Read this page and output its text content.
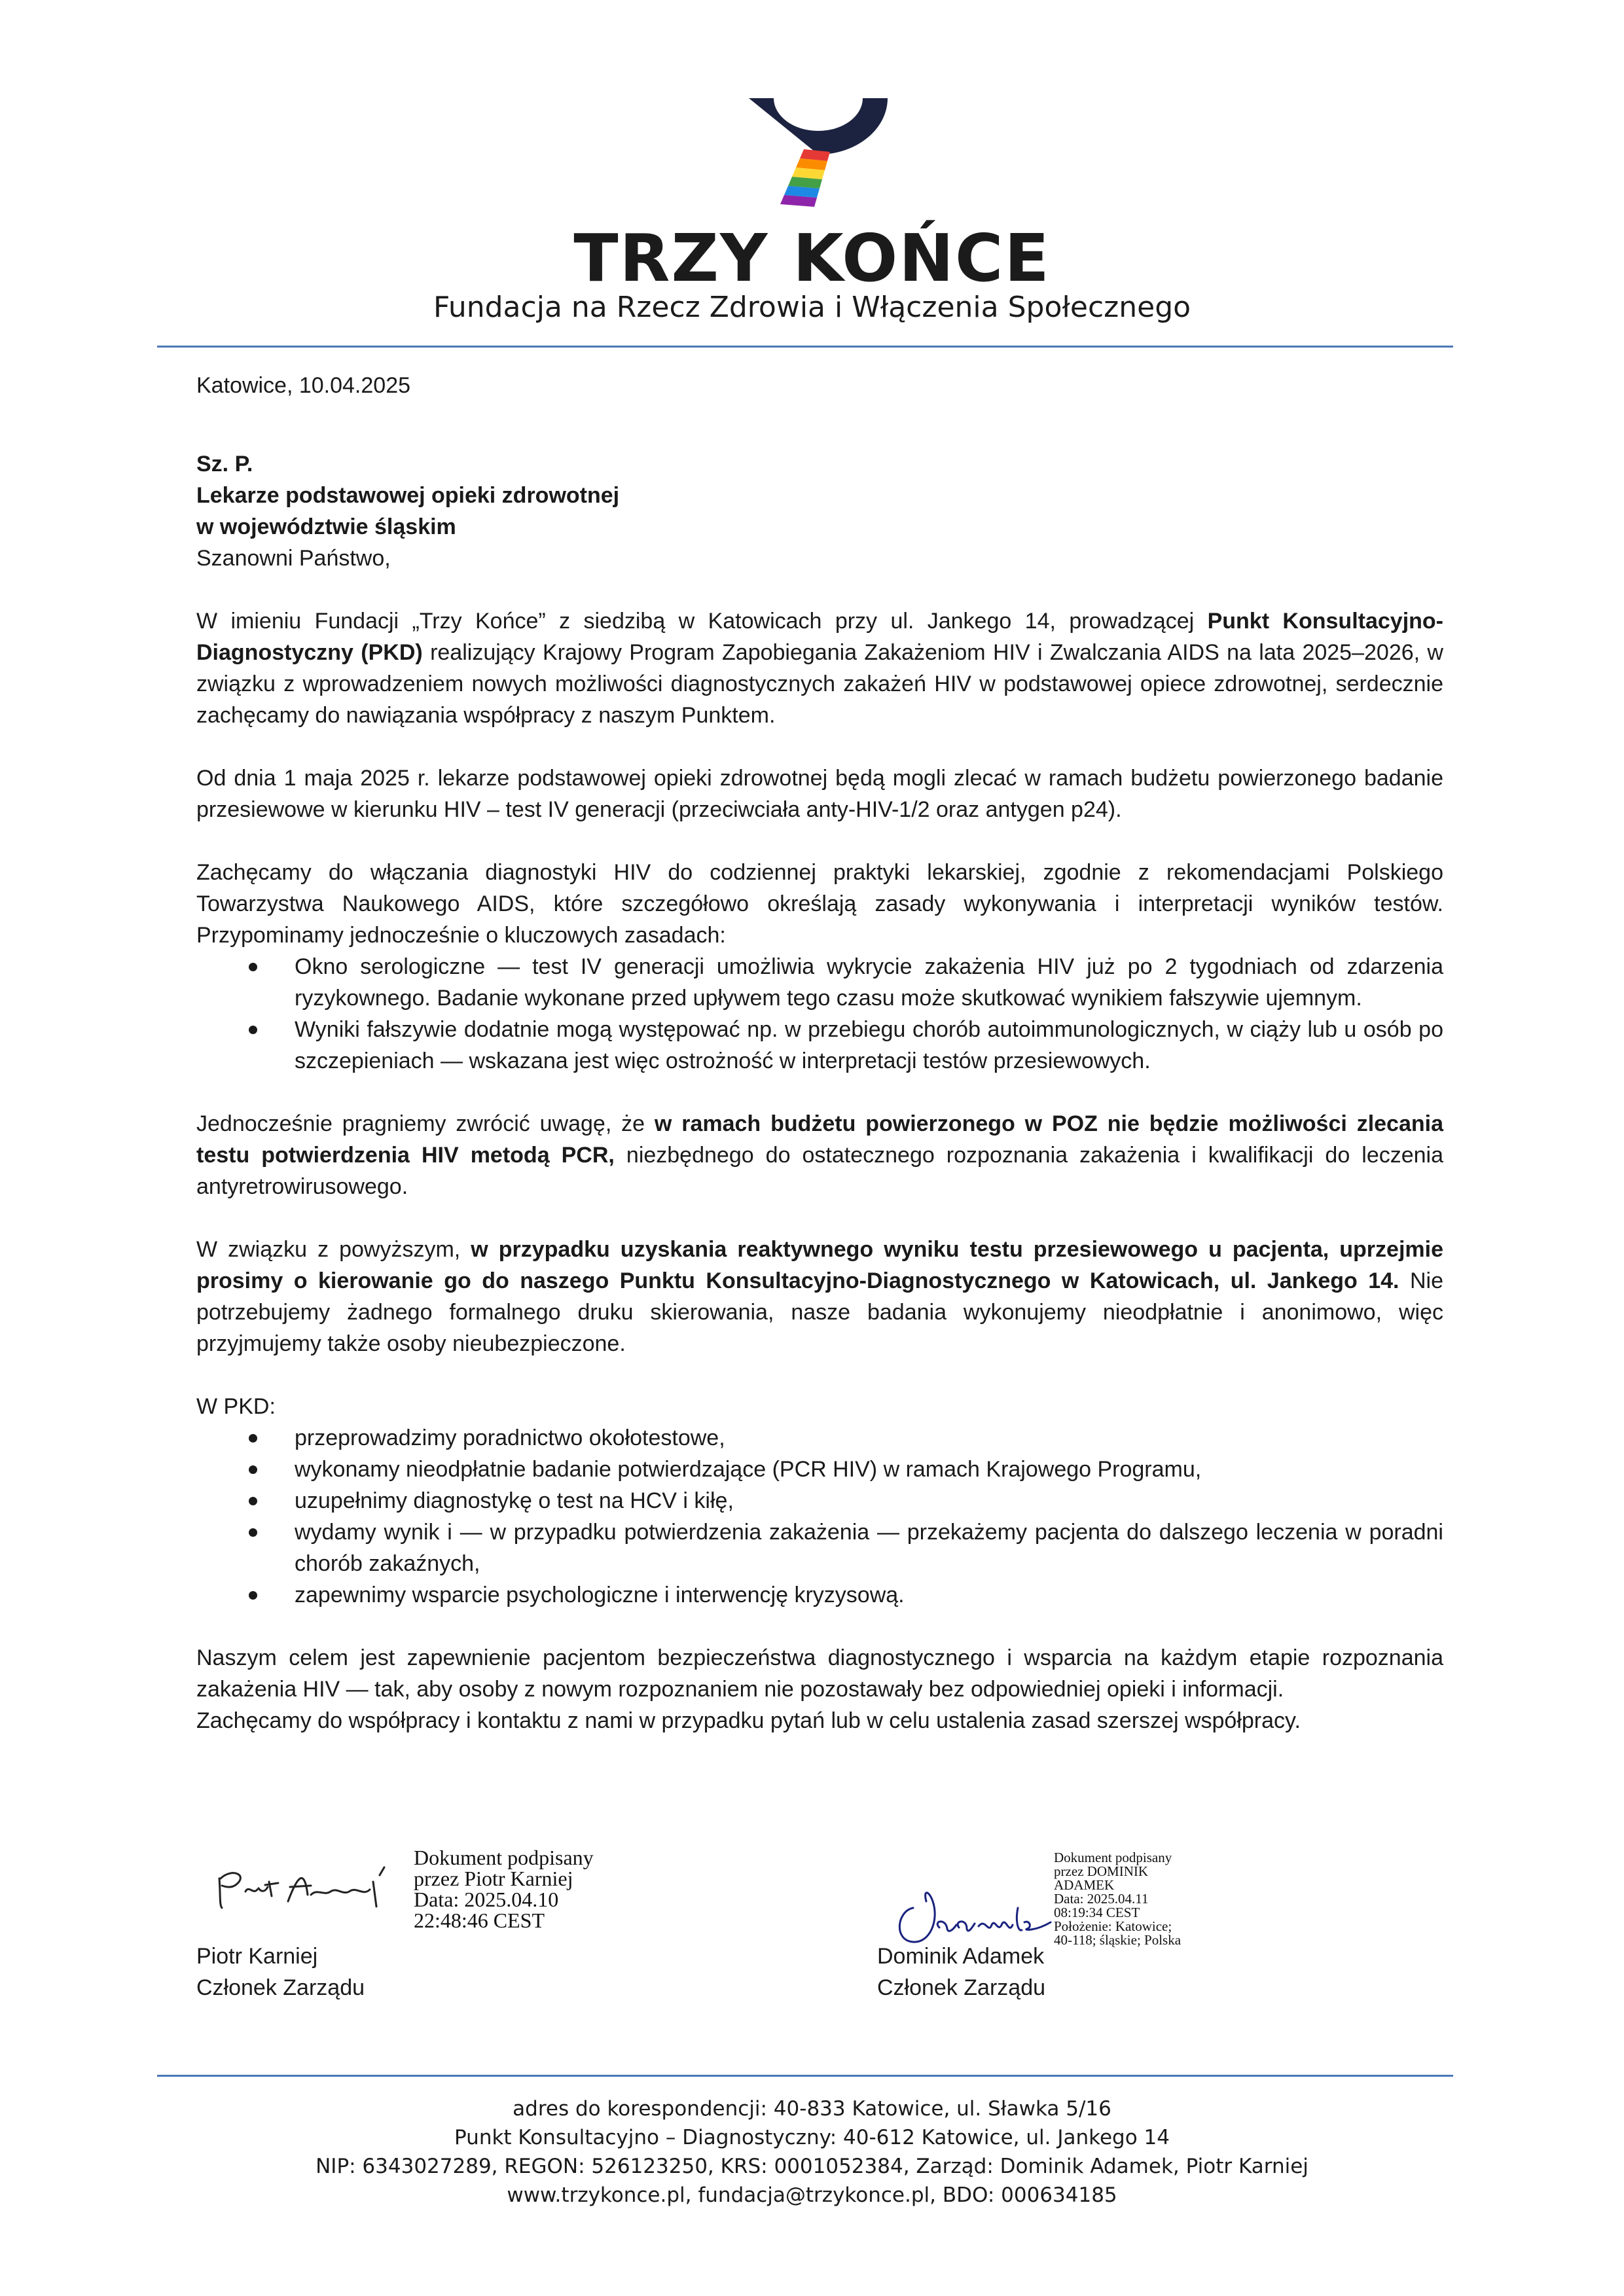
TRZY KOŃCE
Fundacja na Rzecz Zdrowia i Włączenia Społecznego

Katowice, 10.04.2025

Sz. P.
Lekarze podstawowej opieki zdrowotnej
w województwie śląskim

Szanowni Państwo,

W imieniu Fundacji „Trzy Końce” z siedzibą w Katowicach przy ul. Jankego 14, prowadzącej Punkt Konsultacyjno-Diagnostyczny (PKD) realizujący Krajowy Program Zapobiegania Zakażeniom HIV i Zwalczania AIDS na lata 2025–2026, w związku z wprowadzeniem nowych możliwości diagnostycznych zakażeń HIV w podstawowej opiece zdrowotnej, serdecznie zachęcamy do nawiązania współpracy z naszym Punktem.

Od dnia 1 maja 2025 r. lekarze podstawowej opieki zdrowotnej będą mogli zlecać w ramach budżetu powierzonego badanie przesiewowe w kierunku HIV – test IV generacji (przeciwciała anty-HIV-1/2 oraz antygen p24).

Zachęcamy do włączania diagnostyki HIV do codziennej praktyki lekarskiej, zgodnie z rekomendacjami Polskiego Towarzystwa Naukowego AIDS, które szczegółowo określają zasady wykonywania i interpretacji wyników testów. Przypominamy jednocześnie o kluczowych zasadach:

Okno serologiczne — test IV generacji umożliwia wykrycie zakażenia HIV już po 2 tygodniach od zdarzenia ryzykownego. Badanie wykonane przed upływem tego czasu może skutkować wynikiem fałszywie ujemnym.
Wyniki fałszywie dodatnie mogą występować np. w przebiegu chorób autoimmunologicznych, w ciąży lub u osób po szczepieniach — wskazana jest więc ostrożność w interpretacji testów przesiewowych.

Jednocześnie pragniemy zwrócić uwagę, że w ramach budżetu powierzonego w POZ nie będzie możliwości zlecania testu potwierdzenia HIV metodą PCR, niezbędnego do ostatecznego rozpoznania zakażenia i kwalifikacji do leczenia antyretrowirusowego.

W związku z powyższym, w przypadku uzyskania reaktywnego wyniku testu przesiewowego u pacjenta, uprzejmie prosimy o kierowanie go do naszego Punktu Konsultacyjno-Diagnostycznego w Katowicach, ul. Jankego 14. Nie potrzebujemy żadnego formalnego druku skierowania, nasze badania wykonujemy nieodpłatnie i anonimowo, więc przyjmujemy także osoby nieubezpieczone.

W PKD:

przeprowadzimy poradnictwo okołotestowe,
wykonamy nieodpłatnie badanie potwierdzające (PCR HIV) w ramach Krajowego Programu,
uzupełnimy diagnostykę o test na HCV i kiłę,
wydamy wynik i — w przypadku potwierdzenia zakażenia — przekażemy pacjenta do dalszego leczenia w poradni chorób zakaźnych,
zapewnimy wsparcie psychologiczne i interwencję kryzysową.

Naszym celem jest zapewnienie pacjentom bezpieczeństwa diagnostycznego i wsparcia na każdym etapie rozpoznania zakażenia HIV — tak, aby osoby z nowym rozpoznaniem nie pozostawały bez odpowiedniej opieki i informacji.

Zachęcamy do współpracy i kontaktu z nami w przypadku pytań lub w celu ustalenia zasad szerszej współpracy.

Dokument podpisany
przez Piotr Karniej
Data: 2025.04.10
22:48:46 CEST
Piotr Karniej
Członek Zarządu
Dokument podpisany
przez DOMINIK
ADAMEK
Data: 2025.04.11
08:19:34 CEST
Położenie: Katowice;
40-118; śląskie; Polska
Dominik Adamek
Członek Zarządu
adres do korespondencji: 40-833 Katowice, ul. Sławka 5/16
Punkt Konsultacyjno – Diagnostyczny: 40-612 Katowice, ul. Jankego 14
NIP: 6343027289, REGON: 526123250, KRS: 0001052384, Zarząd: Dominik Adamek, Piotr Karniej
www.trzykonce.pl, fundacja@trzykonce.pl, BDO: 000634185
